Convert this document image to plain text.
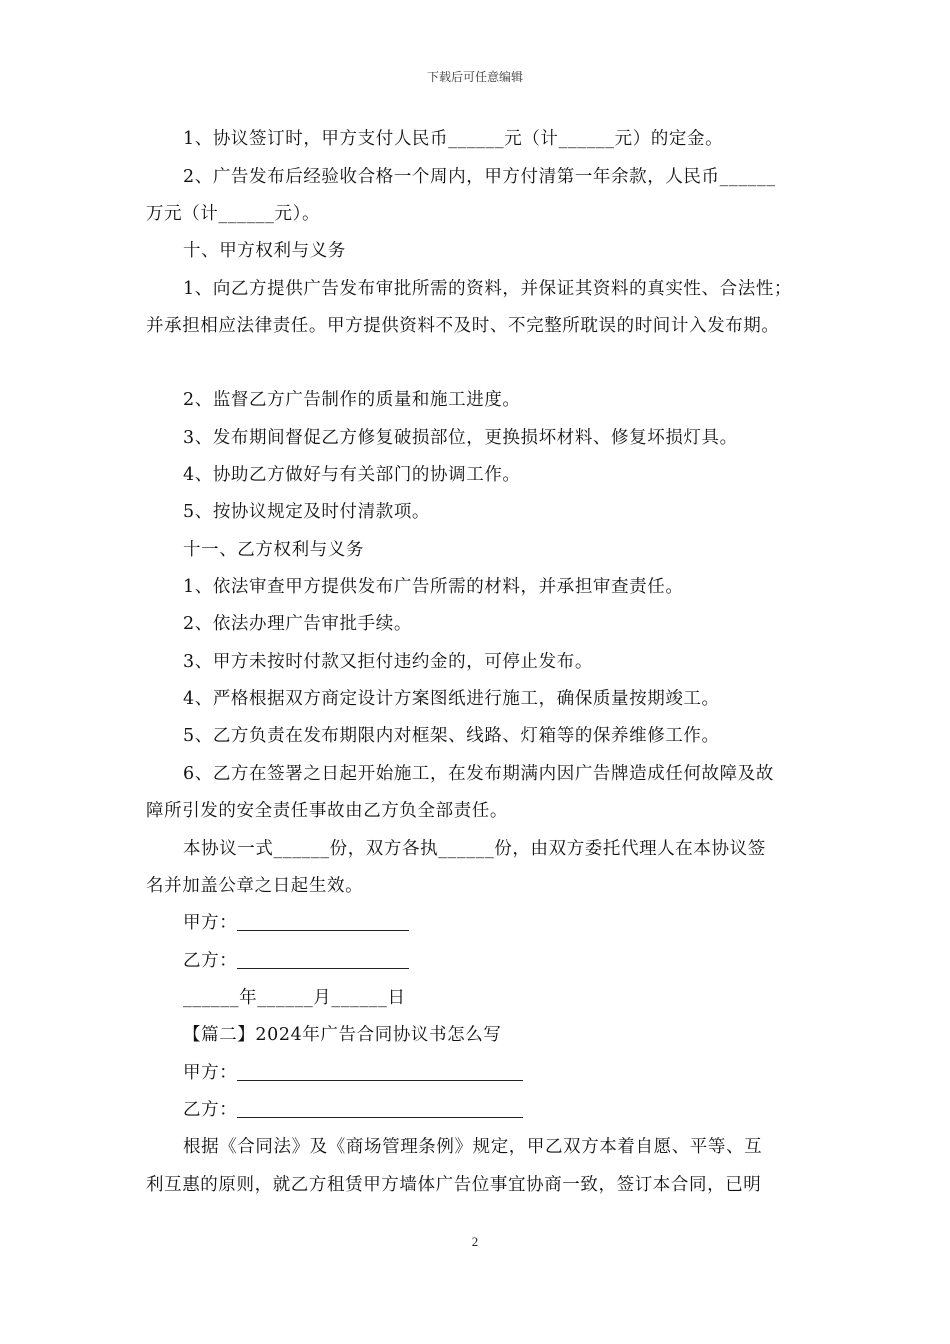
下载后可任意编辑
1、协议签订时，甲方支付人民币______元（计______元）的定金。
2、广告发布后经验收合格一个周内，甲方付清第一年余款，人民币______
万元（计______元）。
十、甲方权利与义务
1、向乙方提供广告发布审批所需的资料，并保证其资料的真实性、合法性；
并承担相应法律责任。甲方提供资料不及时、不完整所耽误的时间计入发布期。
2、监督乙方广告制作的质量和施工进度。
3、发布期间督促乙方修复破损部位，更换损坏材料、修复坏损灯具。
4、协助乙方做好与有关部门的协调工作。
5、按协议规定及时付清款项。
十一、乙方权利与义务
1、依法审查甲方提供发布广告所需的材料，并承担审查责任。
2、依法办理广告审批手续。
3、甲方未按时付款又拒付违约金的，可停止发布。
4、严格根据双方商定设计方案图纸进行施工，确保质量按期竣工。
5、乙方负责在发布期限内对框架、线路、灯箱等的保养维修工作。
6、乙方在签署之日起开始施工，在发布期满内因广告牌造成任何故障及故
障所引发的安全责任事故由乙方负全部责任。
本协议一式______份，双方各执______份，由双方委托代理人在本协议签
名并加盖公章之日起生效。
甲方：
乙方：
______年______月______日
【篇二】2024年广告合同协议书怎么写
甲方：
乙方：
根据《合同法》及《商场管理条例》规定，甲乙双方本着自愿、平等、互
利互惠的原则，就乙方租赁甲方墙体广告位事宜协商一致，签订本合同，已明
2
